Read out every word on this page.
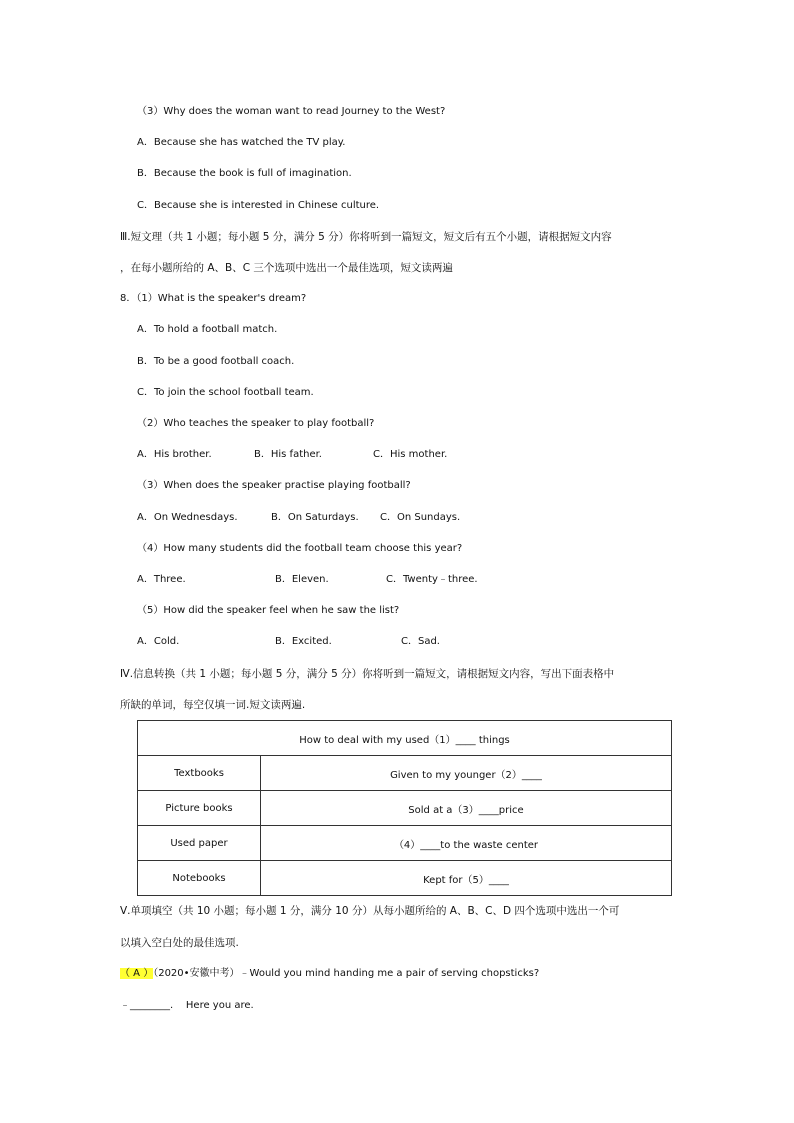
（3）Why does the woman want to read Journey to the West?
A．Because she has watched the TV play.
B．Because the book is full of imagination.
C．Because she is interested in Chinese culture.
Ⅲ.短文理（共 1 小题；每小题 5 分，满分 5 分）你将听到一篇短文，短文后有五个小题，请根据短文内容
，在每小题所给的 A、B、C 三个选项中选出一个最佳选项，短文读两遍
8．（1）What is the speaker's dream?
A．To hold a football match.
B．To be a good football coach.
C．To join the school football team.
（2）Who teaches the speaker to play football?
A．His brother.	B．His father.	C．His mother.
（3）When does the speaker practise playing football?
A．On Wednesdays.	B．On Saturdays. C．On Sundays.
（4）How many students did the football team choose this year?
A．Three.	B．Eleven.	C．Twenty﹣three.
（5）How did the speaker feel when he saw the list?
A．Cold.	B．Excited.	C．Sad.
Ⅳ.信息转换（共 1 小题；每小题 5 分，满分 5 分）你将听到一篇短文，请根据短文内容，写出下面表格中
所缺的单词，每空仅填一词.短文读两遍.
How to deal with my used（1）____ things	
Textbooks	Given to my younger（2）____
Picture books	Sold at a（3）____price
Used paper	（4）____to the waste center
Notebooks	Kept for（5）____
Ⅴ.单项填空（共 10 小题；每小题 1 分，满分 10 分）从每小题所给的 A、B、C、D 四个选项中选出一个可
以填入空白处的最佳选项.
（ A ）（2020•安徽中考）﹣Would you mind handing me a pair of serving chopsticks?
﹣________.    Here you are.
